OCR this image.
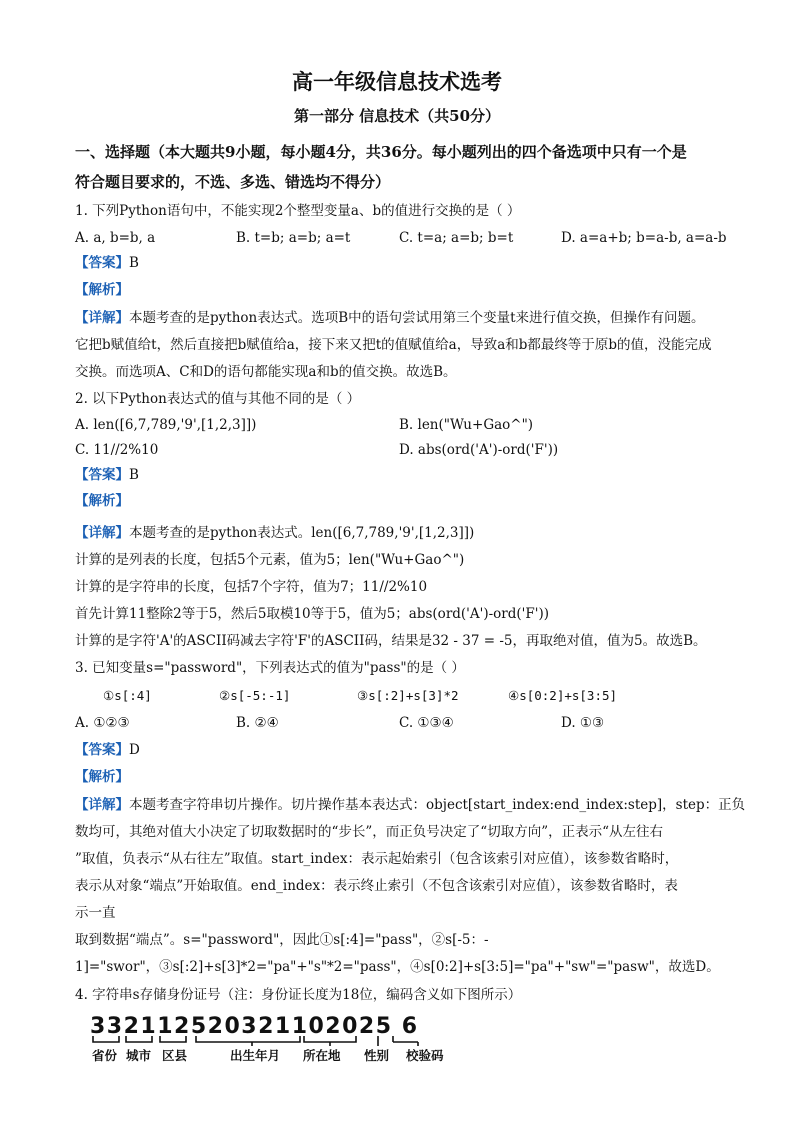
高一年级信息技术选考
第一部分 信息技术（共50分）
一、选择题（本大题共9小题，每小题4分，共36分。每小题列出的四个备选项中只有一个是
符合题目要求的，不选、多选、错选均不得分）
1. 下列Python语句中，不能实现2个整型变量a、b的值进行交换的是（ ）
A. a, b=b, a	B. t=b; a=b; a=t	C. t=a; a=b; b=t	D. a=a+b; b=a-b, a=a-b
【答案】B
【解析】
【详解】本题考查的是python表达式。选项B中的语句尝试用第三个变量t来进行值交换，但操作有问题。
它把b赋值给t，然后直接把b赋值给a，接下来又把t的值赋值给a，导致a和b都最终等于原b的值，没能完成
交换。而选项A、C和D的语句都能实现a和b的值交换。故选B。
2. 以下Python表达式的值与其他不同的是（ ）
A. len([6,7,789,'9',[1,2,3]])	B. len("Wu+Gao^")
C. 11//2%10	D. abs(ord('A')-ord('F'))
【答案】B
【解析】
【详解】本题考查的是python表达式。len([6,7,789,'9',[1,2,3]])
计算的是列表的长度，包括5个元素，值为5；len("Wu+Gao^")
计算的是字符串的长度，包括7个字符，值为7；11//2%10
首先计算11整除2等于5，然后5取模10等于5，值为5；abs(ord('A')-ord('F'))
计算的是字符'A'的ASCII码减去字符'F'的ASCII码，结果是32 - 37 = -5，再取绝对值，值为5。故选B。
3. 已知变量s="password"，下列表达式的值为"pass"的是（ ）
①s[:4]	②s[-5:-1]	③s[:2]+s[3]*2	④s[0:2]+s[3:5]
A. ①②③	B. ②④	C. ①③④	D. ①③
【答案】D
【解析】
【详解】本题考查字符串切片操作。切片操作基本表达式：object[start_index:end_index:step]，step：正负
数均可，其绝对值大小决定了切取数据时的“步长”，而正负号决定了“切取方向”，正表示“从左往右
”取值，负表示“从右往左”取值。start_index：表示起始索引（包含该索引对应值），该参数省略时，
表示从对象“端点”开始取值。end_index：表示终止索引（不包含该索引对应值），该参数省略时，表
示一直
取到数据“端点”。s="password"，因此①s[:4]="pass"，②s[-5：-
1]="swor"，③s[:2]+s[3]*2="pa"+"s"*2="pass"，④s[0:2]+s[3:5]="pa"+"sw"="pasw"，故选D。
4. 字符串s存储身份证号（注：身份证长度为18位，编码含义如下图所示）
332112520321102025 6
省份 城市 区县	出生年月 所在地 性别 校验码
